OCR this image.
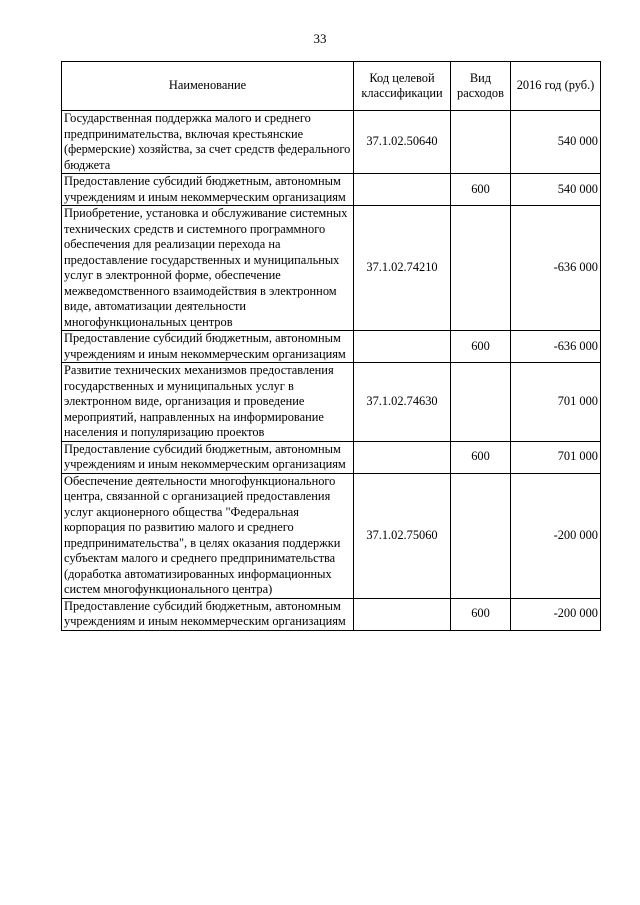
33
Наименование	Код целевой классификации	Вид расходов	2016 год (руб.)
Государственная поддержка малого и среднего предпринимательства, включая крестьянские (фермерские) хозяйства, за счет средств федерального бюджета	37.1.02.50640		540 000
Предоставление субсидий бюджетным, автономным учреждениям и иным некоммерческим организациям		600	540 000
Приобретение, установка и обслуживание системных технических средств и системного программного обеспечения для реализации перехода на предоставление государственных и муниципальных услуг в электронной форме, обеспечение межведомственного взаимодействия в электронном виде, автоматизации деятельности многофункциональных центров	37.1.02.74210		-636 000
Предоставление субсидий бюджетным, автономным учреждениям и иным некоммерческим организациям		600	-636 000
Развитие технических механизмов предоставления государственных и муниципальных услуг в электронном виде, организация и проведение мероприятий, направленных на информирование населения и популяризацию проектов	37.1.02.74630		701 000
Предоставление субсидий бюджетным, автономным учреждениям и иным некоммерческим организациям		600	701 000
Обеспечение деятельности многофункционального центра, связанной с организацией предоставления услуг акционерного общества "Федеральная корпорация по развитию малого и среднего предпринимательства", в целях оказания поддержки субъектам малого и среднего предпринимательства (доработка автоматизированных информационных систем многофункционального центра)	37.1.02.75060		-200 000
Предоставление субсидий бюджетным, автономным учреждениям и иным некоммерческим организациям		600	-200 000
